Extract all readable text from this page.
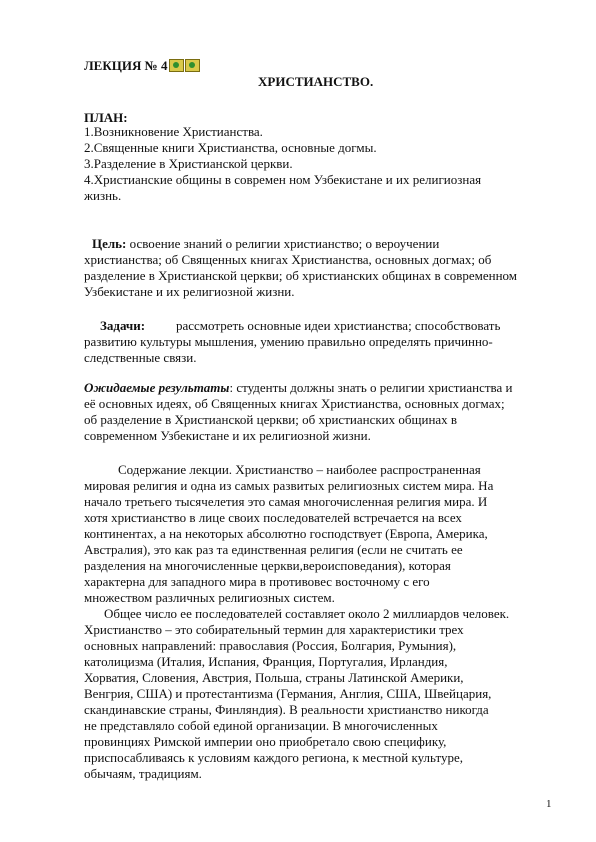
ЛЕКЦИЯ № 4
ХРИСТИАНСТВО.
ПЛАН:
1.Возникновение Христианства.
2.Священные книги Христианства, основные догмы.
3.Разделение в Христианской церкви.
4.Христианские общины в современ ном Узбекистане и их религиозная
жизнь.
Цель: освоение знаний о религии христианство; о вероучении
христианства; об Священных книгах Христианства, основных догмах; об
разделение в Христианской церкви; об христианских общинах в современном
Узбекистане и их религиозной жизни.
Задачи: рассмотреть основные идеи христианства; способствовать
развитию культуры мышления, умению правильно определять причинно-
следственные связи.
Ожидаемые результаты: студенты должны знать о религии христианства и
её основных идеях, об Священных книгах Христианства, основных догмах;
об разделение в Христианской церкви; об христианских общинах в
современном Узбекистане и их религиозной жизни.
Содержание лекции. Христианство – наиболее распространенная
мировая религия и одна из самых развитых религиозных систем мира. На
начало третьего тысячелетия это самая многочисленная религия мира. И
хотя христианство в лице своих последователей встречается на всех
континентах, а на некоторых абсолютно господствует (Европа, Америка,
Австралия), это как раз та единственная религия (если не считать ее
разделения на многочисленные церкви,вероисповедания), которая
характерна для западного мира в противовес восточному с его
множеством различных религиозных систем.
Общее число ее последователей составляет около 2 миллиардов человек.
Христианство – это собирательный термин для характеристики трех
основных направлений: православия (Россия, Болгария, Румыния),
католицизма (Италия, Испания, Франция, Португалия, Ирландия,
Хорватия, Словения, Австрия, Польша, страны Латинской Америки,
Венгрия, США) и протестантизма (Германия, Англия, США, Швейцария,
скандинавские страны, Финляндия). В реальности христианство никогда
не представляло собой единой организации. В многочисленных
провинциях Римской империи оно приобретало свою специфику,
приспосабливаясь к условиям каждого региона, к местной культуре,
обычаям, традициям.
1
